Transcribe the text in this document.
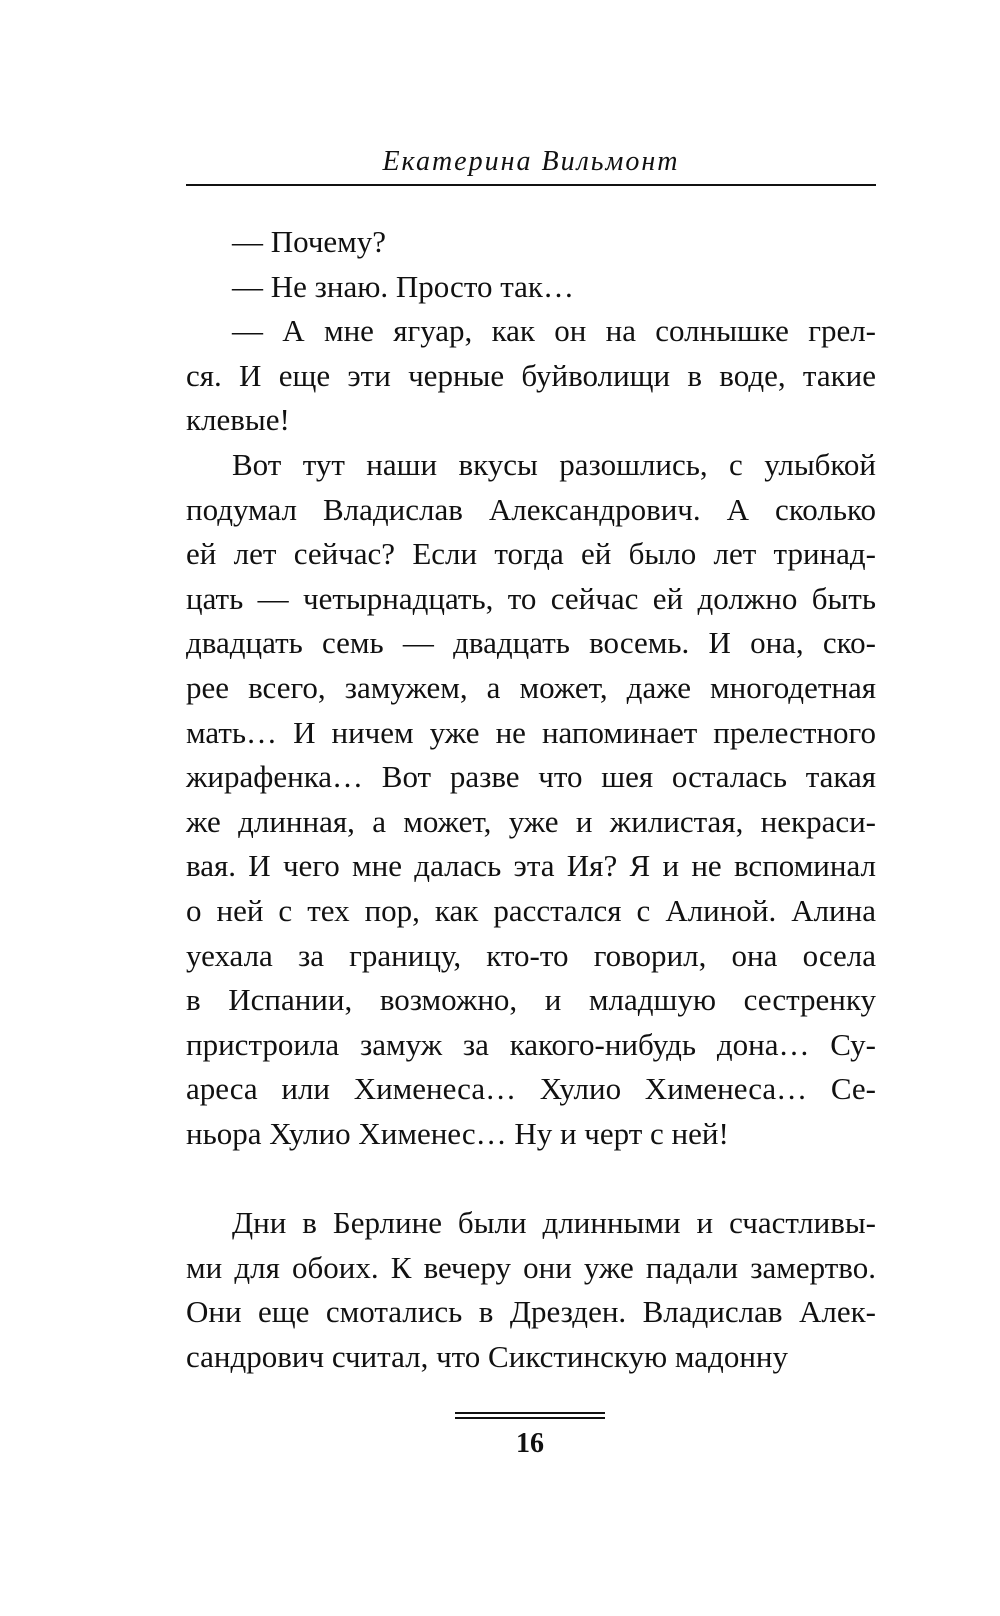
Екатерина Вильмонт
— Почему?
— Не знаю. Просто так…
— А мне ягуар, как он на солнышке грел-
ся. И еще эти черные буйволищи в воде, такие
клевые!
Вот тут наши вкусы разошлись, с улыбкой
подумал Владислав Александрович. А сколько
ей лет сейчас? Если тогда ей было лет тринад-
цать — четырнадцать, то сейчас ей должно быть
двадцать семь — двадцать восемь. И она, ско-
рее всего, замужем, а может, даже многодетная
мать… И ничем уже не напоминает прелестного
жирафенка… Вот разве что шея осталась такая
же длинная, а может, уже и жилистая, некраси-
вая. И чего мне далась эта Ия? Я и не вспоминал
о ней с тех пор, как расстался с Алиной. Алина
уехала за границу, кто-то говорил, она осела
в Испании, возможно, и младшую сестренку
пристроила замуж за какого-нибудь дона… Су-
ареса или Хименеса… Хулио Хименеса… Се-
ньора Хулио Хименес… Ну и черт с ней!
Дни в Берлине были длинными и счастливы-
ми для обоих. К вечеру они уже падали замертво.
Они еще смотались в Дрезден. Владислав Алек-
сандрович считал, что Сикстинскую мадонну
16
